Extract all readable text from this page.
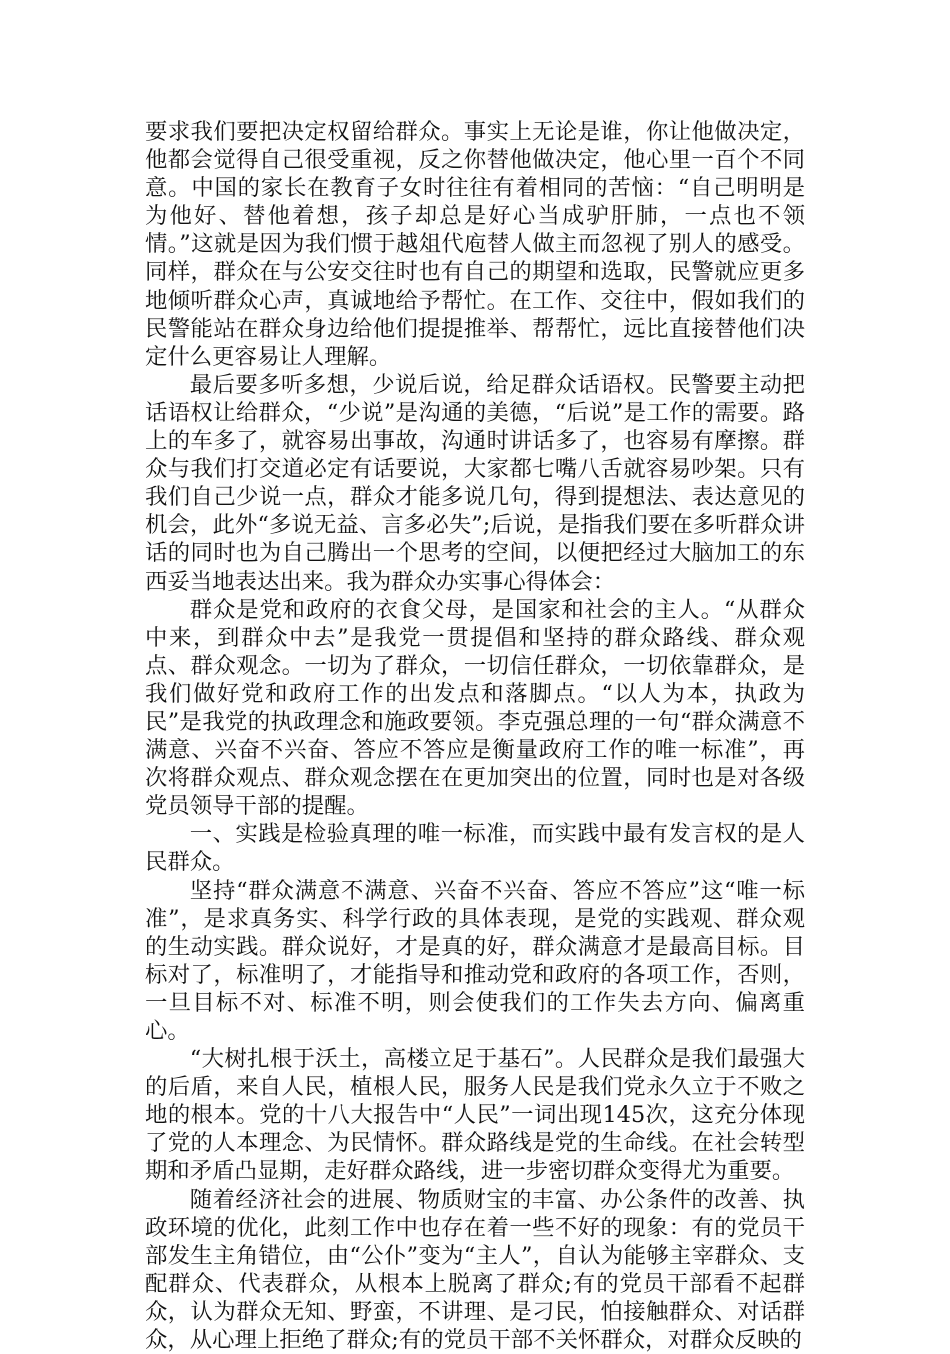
要求我们要把决定权留给群众。事实上无论是谁，你让他做决定，他都会觉得自己很受重视，反之你替他做决定，他心里一百个不同意。中国的家长在教育子女时往往有着相同的苦恼：“自己明明是为他好、替他着想，孩子却总是好心当成驴肝肺，一点也不领情。”这就是因为我们惯于越俎代庖替人做主而忽视了别人的感受。同样，群众在与公安交往时也有自己的期望和选取，民警就应更多地倾听群众心声，真诚地给予帮忙。在工作、交往中，假如我们的民警能站在群众身边给他们提提推举、帮帮忙，远比直接替他们决定什么更容易让人理解。

最后要多听多想，少说后说，给足群众话语权。民警要主动把话语权让给群众，“少说”是沟通的美德，“后说”是工作的需要。路上的车多了，就容易出事故，沟通时讲话多了，也容易有摩擦。群众与我们打交道必定有话要说，大家都七嘴八舌就容易吵架。只有我们自己少说一点，群众才能多说几句，得到提想法、表达意见的机会，此外“多说无益、言多必失”;后说，是指我们要在多听群众讲话的同时也为自己腾出一个思考的空间，以便把经过大脑加工的东西妥当地表达出来。我为群众办实事心得体会：

群众是党和政府的衣食父母，是国家和社会的主人。“从群众中来，到群众中去”是我党一贯提倡和坚持的群众路线、群众观点、群众观念。一切为了群众，一切信任群众，一切依靠群众，是我们做好党和政府工作的出发点和落脚点。“以人为本，执政为民”是我党的执政理念和施政要领。李克强总理的一句“群众满意不满意、兴奋不兴奋、答应不答应是衡量政府工作的唯一标准”，再次将群众观点、群众观念摆在在更加突出的位置，同时也是对各级党员领导干部的提醒。

一、实践是检验真理的唯一标准，而实践中最有发言权的是人民群众。

坚持“群众满意不满意、兴奋不兴奋、答应不答应”这“唯一标准”，是求真务实、科学行政的具体表现，是党的实践观、群众观的生动实践。群众说好，才是真的好，群众满意才是最高目标。目标对了，标准明了，才能指导和推动党和政府的各项工作，否则，一旦目标不对、标准不明，则会使我们的工作失去方向、偏离重心。

“大树扎根于沃土，高楼立足于基石”。人民群众是我们最强大的后盾，来自人民，植根人民，服务人民是我们党永久立于不败之地的根本。党的十八大报告中“人民”一词出现145次，这充分体现了党的人本理念、为民情怀。群众路线是党的生命线。在社会转型期和矛盾凸显期，走好群众路线，进一步密切群众变得尤为重要。

随着经济社会的进展、物质财宝的丰富、办公条件的改善、执政环境的优化，此刻工作中也存在着一些不好的现象：有的党员干部发生主角错位，由“公仆”变为“主人”，自认为能够主宰群众、支配群众、代表群众，从根本上脱离了群众;有的党员干部看不起群众，认为群众无知、野蛮，不讲理、是刁民，怕接触群众、对话群众，从心理上拒绝了群众;有的党员干部不关怀群众，对群众反映的
